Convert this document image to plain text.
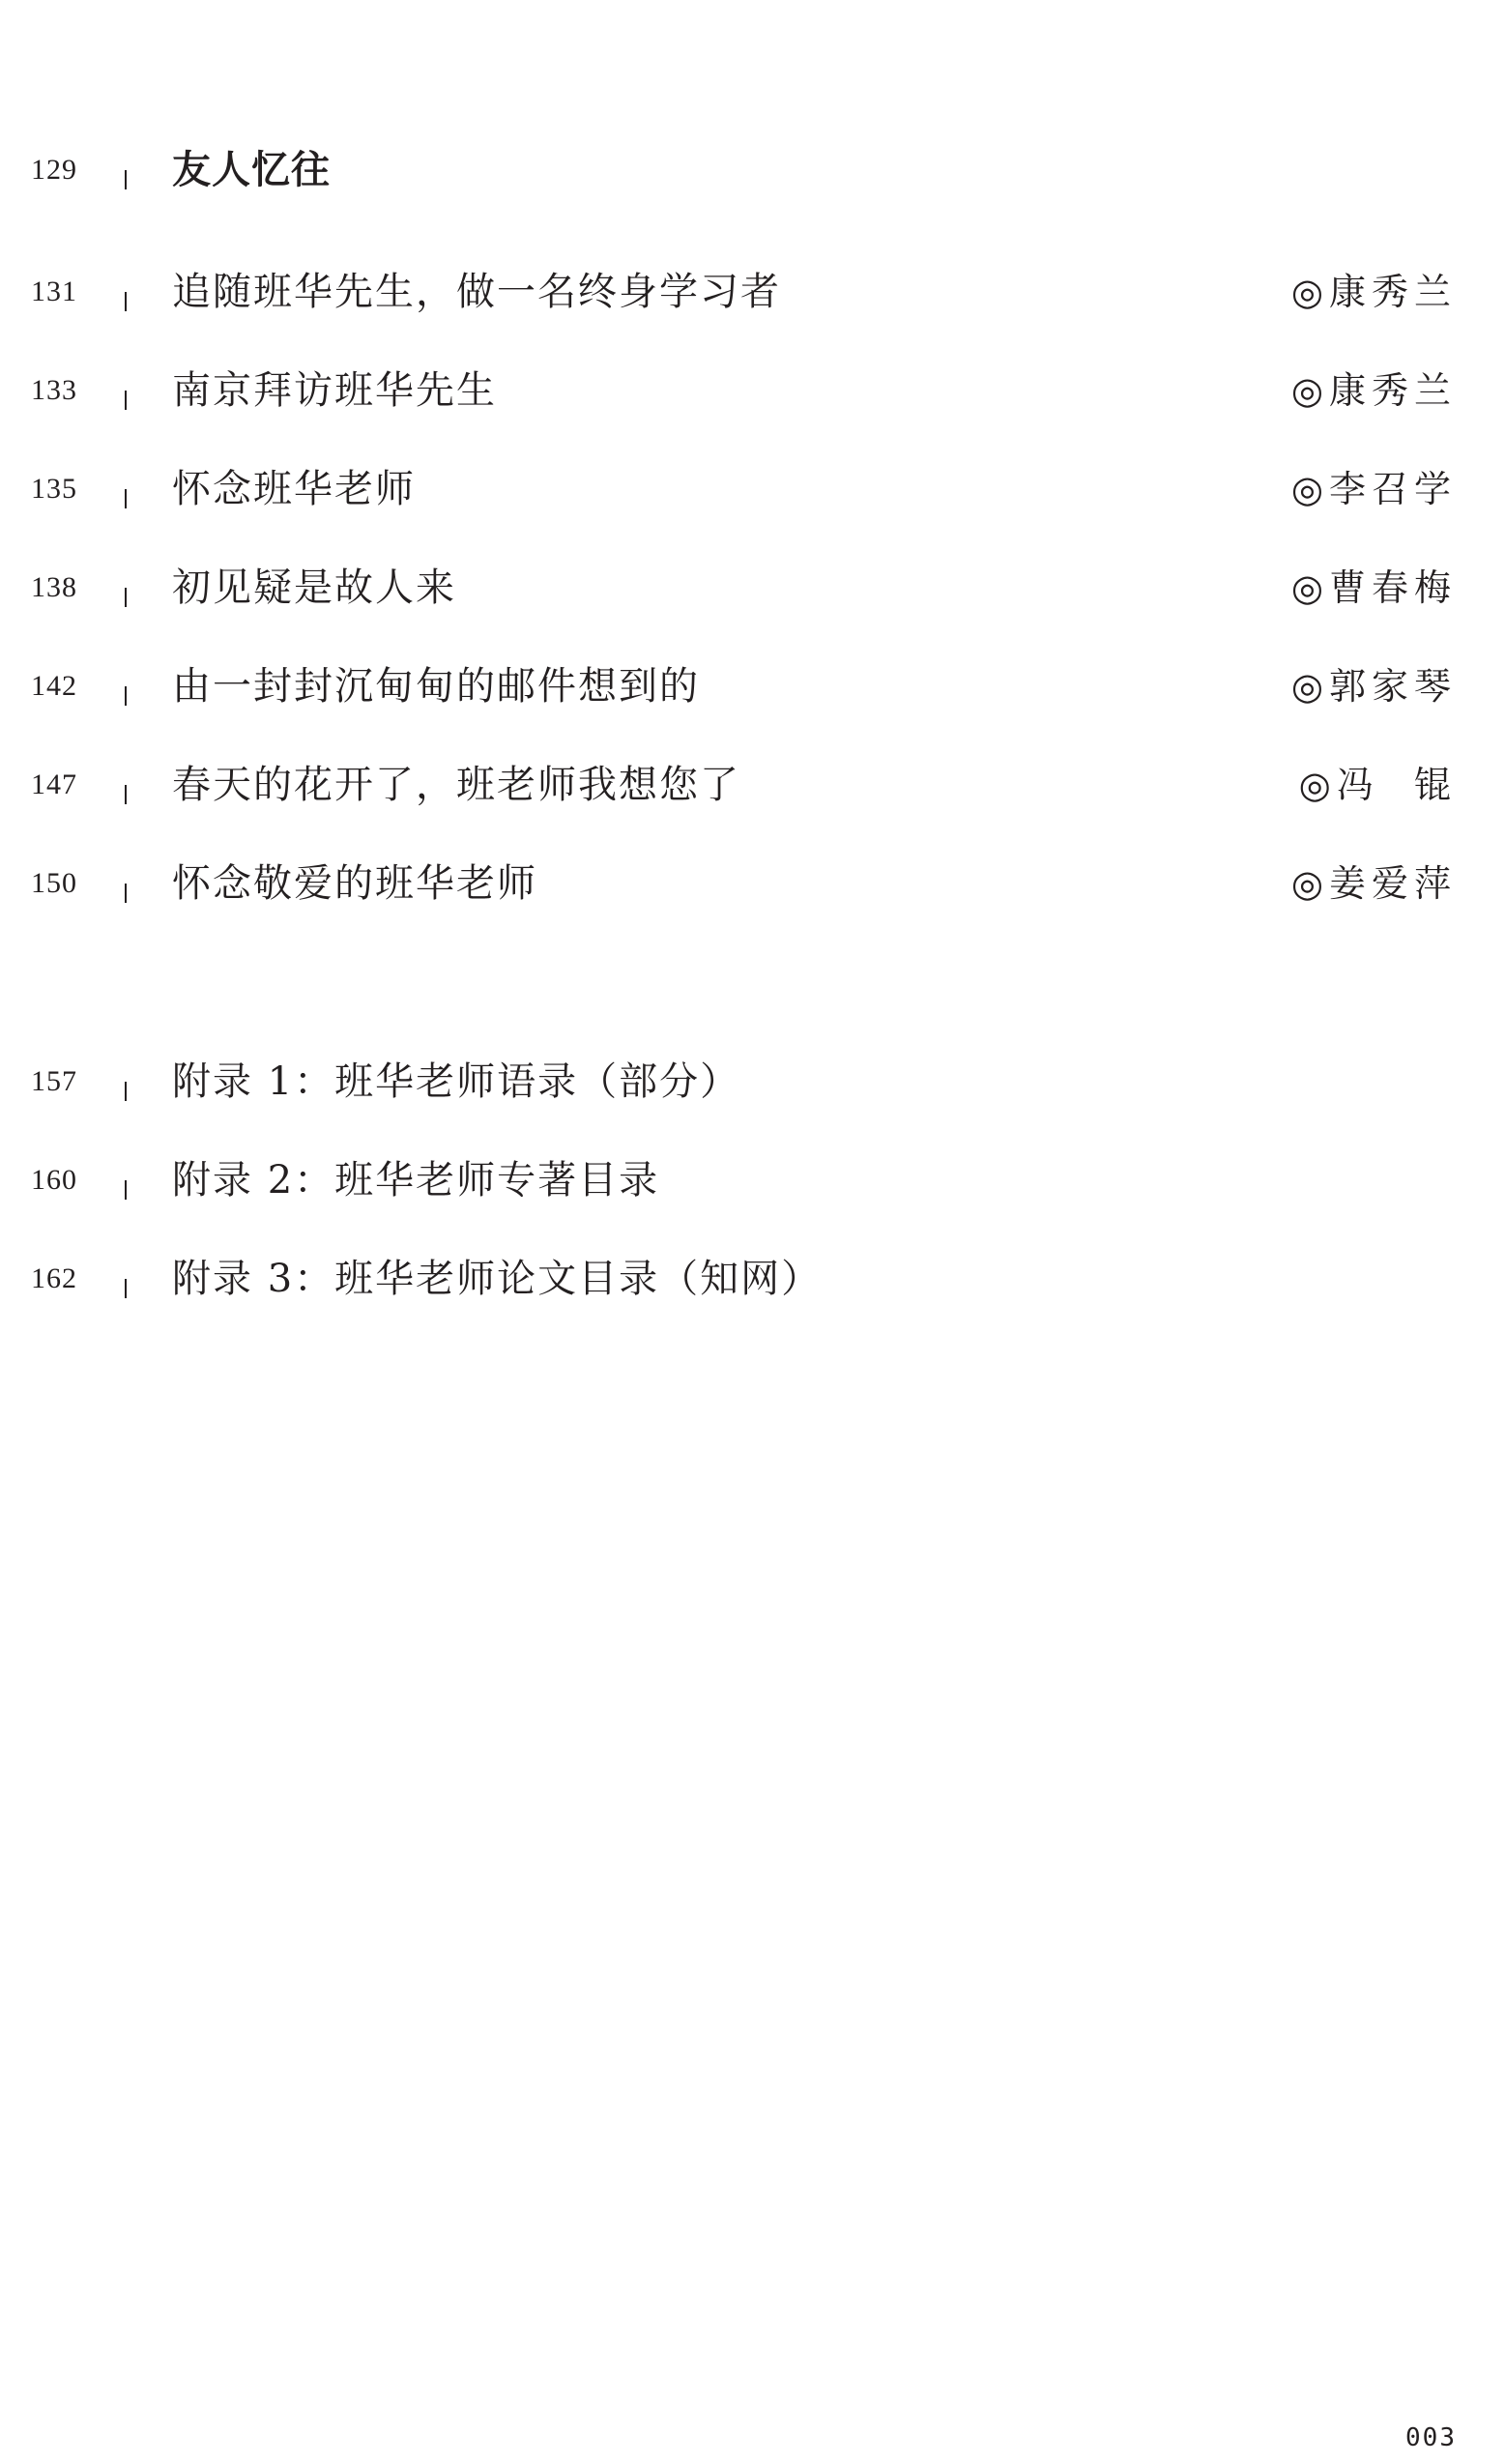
129 友人忆往
131 追随班华先生，做一名终身学习者	◎康秀兰
133 南京拜访班华先生	◎康秀兰
135 怀念班华老师	◎李召学
138 初见疑是故人来	◎曹春梅
142 由一封封沉甸甸的邮件想到的	◎郭家琴
147 春天的花开了，班老师我想您了	◎冯  锟
150 怀念敬爱的班华老师	◎姜爱萍
157 附录 1：班华老师语录（部分）
160 附录 2：班华老师专著目录
162 附录 3：班华老师论文目录（知网）
003
